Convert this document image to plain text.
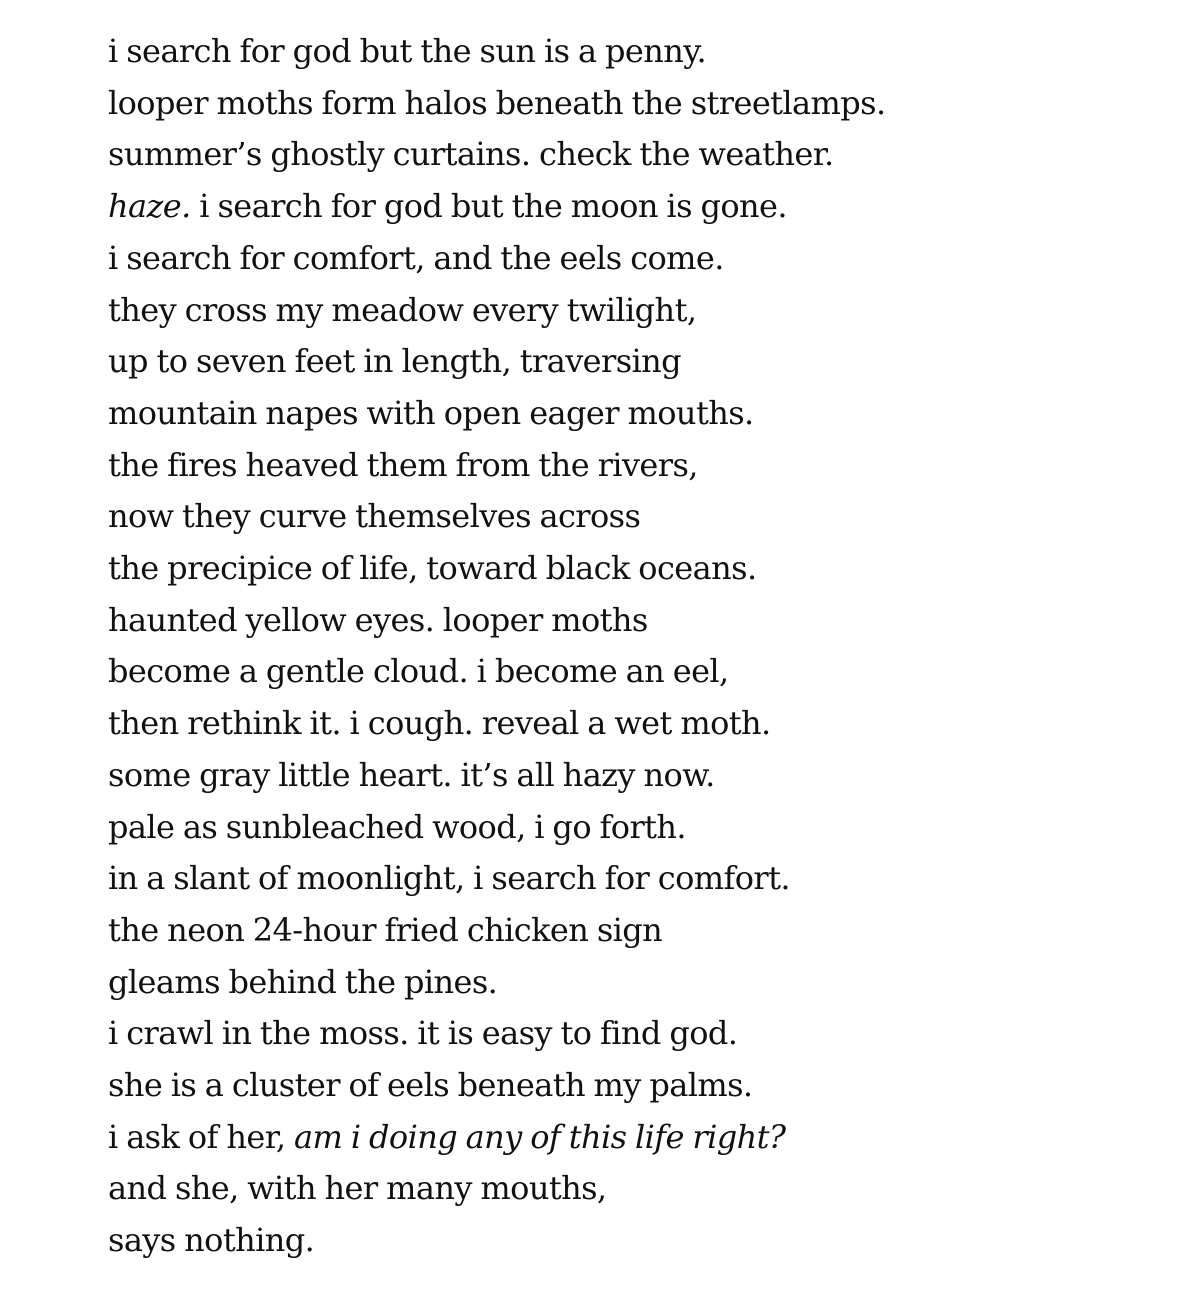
i search for god but the sun is a penny.
looper moths form halos beneath the streetlamps.
summer’s ghostly curtains. check the weather.
haze. i search for god but the moon is gone.
i search for comfort, and the eels come.
they cross my meadow every twilight,
up to seven feet in length, traversing
mountain napes with open eager mouths.
the fires heaved them from the rivers,
now they curve themselves across
the precipice of life, toward black oceans.
haunted yellow eyes. looper moths
become a gentle cloud. i become an eel,
then rethink it. i cough. reveal a wet moth.
some gray little heart. it’s all hazy now.
pale as sunbleached wood, i go forth.
in a slant of moonlight, i search for comfort.
the neon 24-hour fried chicken sign
gleams behind the pines.
i crawl in the moss. it is easy to find god.
she is a cluster of eels beneath my palms.
i ask of her, am i doing any of this life right?
and she, with her many mouths,
says nothing.
